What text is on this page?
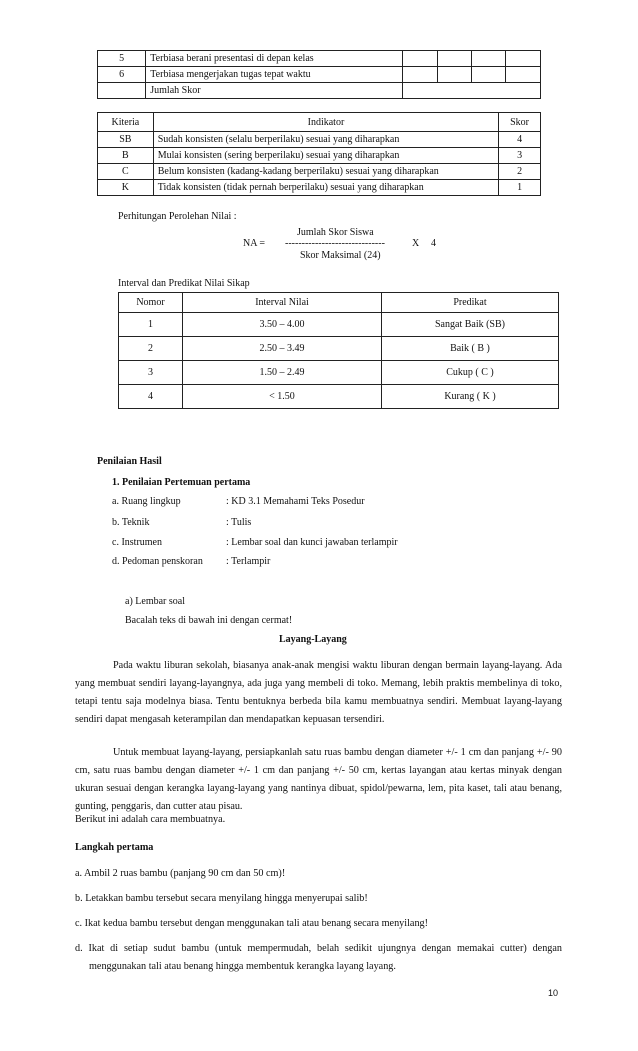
5	Terbiasa berani presentasi di depan kelas				
6	Terbiasa mengerjakan tugas tepat waktu				
	Jumlah Skor				
Kiteria	Indikator	Skor
SB	Sudah konsisten (selalu berperilaku) sesuai yang diharapkan	4
B	Mulai konsisten (sering berperilaku) sesuai yang diharapkan	3
C	Belum konsisten (kadang-kadang berperilaku) sesuai yang diharapkan	2
K	Tidak konsisten (tidak pernah berperilaku) sesuai yang diharapkan	1
Perhitungan Perolehan Nilai :
Jumlah Skor Siswa
NA = ------------------------------	X 4
Skor Maksimal (24)
Interval dan Predikat Nilai Sikap
Nomor	Interval Nilai	Predikat
1	3.50 – 4.00	Sangat Baik (SB)
2	2.50 – 3.49	Baik ( B )
3	1.50 – 2.49	Cukup ( C )
4	< 1.50	Kurang ( K )
Penilaian Hasil
1. Penilaian Pertemuan pertama
a. Ruang lingkup	: KD 3.1 Memahami Teks Posedur
b. Teknik	: Tulis
c. Instrumen	: Lembar soal dan kunci jawaban terlampir
d. Pedoman penskoran : Terlampir
a) Lembar soal
Bacalah teks di bawah ini dengan cermat!
Layang-Layang
Pada waktu liburan sekolah, biasanya anak-anak mengisi waktu liburan dengan bermain layang-layang. Ada yang membuat sendiri layang-layangnya, ada juga yang membeli di toko. Memang, lebih praktis membelinya di toko, tetapi tentu saja modelnya biasa. Tentu bentuknya berbeda bila kamu membuatnya sendiri. Membuat layang-layang sendiri dapat mengasah keterampilan dan mendapatkan kepuasan tersendiri.
Untuk membuat layang-layang, persiapkanlah satu ruas bambu dengan diameter +/- 1 cm dan panjang +/- 90 cm, satu ruas bambu dengan diameter +/- 1 cm dan panjang +/- 50 cm, kertas layangan atau kertas minyak dengan ukuran sesuai dengan kerangka layang-layang yang nantinya dibuat, spidol/pewarna, lem, pita kaset, tali atau benang, gunting, penggaris, dan cutter atau pisau.
Berikut ini adalah cara membuatnya.
Langkah pertama
a. Ambil 2 ruas bambu (panjang 90 cm dan 50 cm)!
b. Letakkan bambu tersebut secara menyilang hingga menyerupai salib!
c. Ikat kedua bambu tersebut dengan menggunakan tali atau benang secara menyilang!
d. Ikat di setiap sudut bambu (untuk mempermudah, belah sedikit ujungnya dengan memakai cutter) dengan menggunakan tali atau benang hingga membentuk kerangka layang layang.
10
